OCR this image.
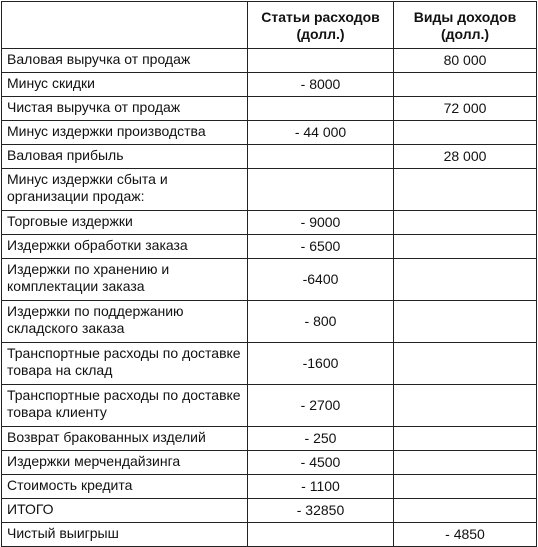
	Статьи расходов (долл.)	Виды доходов (долл.)
Валовая выручка от продаж		80 000
Минус скидки	- 8000	
Чистая выручка от продаж		72 000
Минус издержки производства	- 44 000	
Валовая прибыль		28 000
Минус издержки сбыта и организации продаж:		
Торговые издержки	- 9000	
Издержки обработки заказа	- 6500	
Издержки по хранению и комплектации заказа	-6400	
Издержки по поддержанию складского заказа	- 800	
Транспортные расходы по доставке товара на склад	-1600	
Транспортные расходы по доставке товара клиенту	- 2700	
Возврат бракованных изделий	- 250	
Издержки мерчендайзинга	- 4500	
Стоимость кредита	- 1100	
ИТОГО	- 32850	
Чистый выигрыш		- 4850
